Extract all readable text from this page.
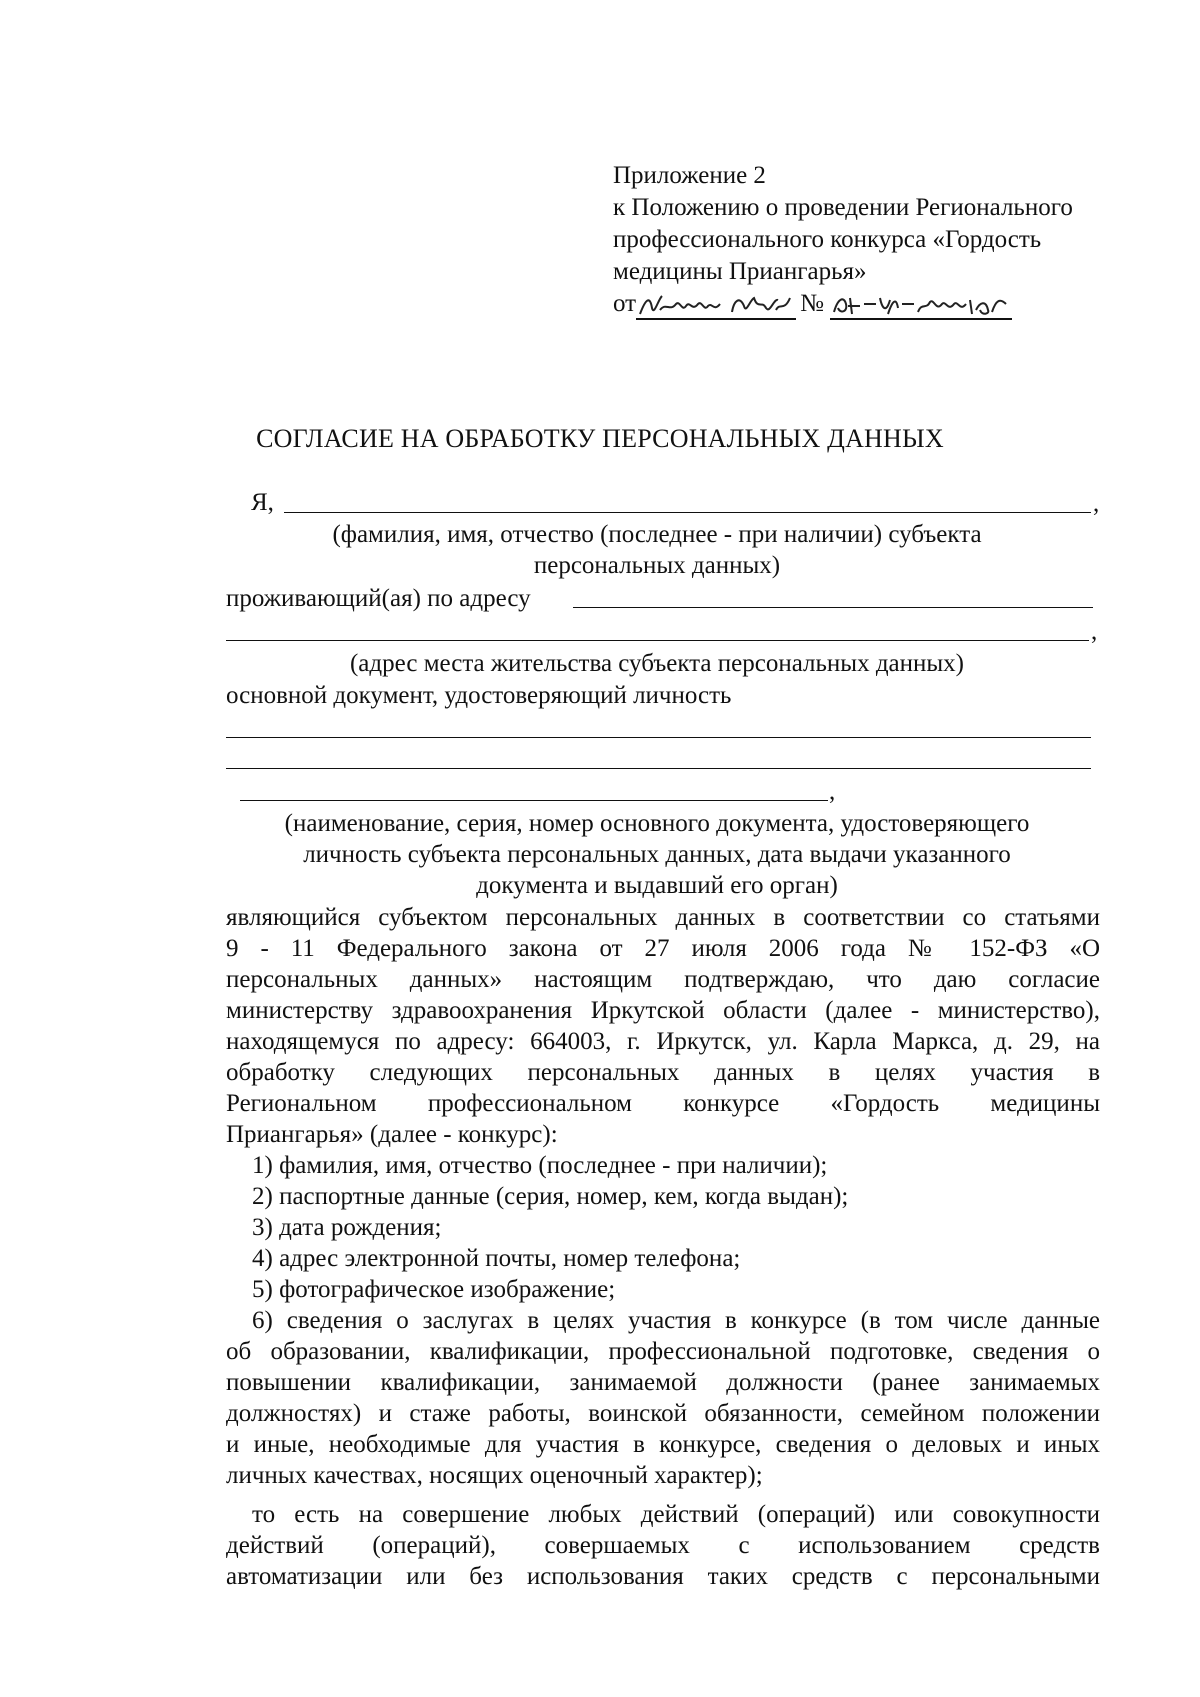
Приложение 2
к Положению о проведении Регионального
профессионального конкурса «Гордость
медицины Приангарья»
от	№
СОГЛАСИЕ НА ОБРАБОТКУ ПЕРСОНАЛЬНЫХ ДАННЫХ
Я,	,
(фамилия, имя, отчество (последнее - при наличии) субъекта
персональных данных)
проживающий(ая) по адресу
,
(адрес места жительства субъекта персональных данных)
основной документ, удостоверяющий личность
,
(наименование, серия, номер основного документа, удостоверяющего
личность субъекта персональных данных, дата выдачи указанного
документа и выдавший его орган)
являющийся субъектом персональных данных в соответствии со статьями
9 - 11 Федерального закона от 27 июля 2006 года № 152-ФЗ «О
персональных данных» настоящим подтверждаю, что даю согласие
министерству здравоохранения Иркутской области (далее - министерство),
находящемуся по адресу: 664003, г. Иркутск, ул. Карла Маркса, д. 29, на
обработку следующих персональных данных в целях участия в
Региональном профессиональном конкурсе «Гордость медицины
Приангарья» (далее - конкурс):
1) фамилия, имя, отчество (последнее - при наличии);
2) паспортные данные (серия, номер, кем, когда выдан);
3) дата рождения;
4) адрес электронной почты, номер телефона;
5) фотографическое изображение;
6) сведения о заслугах в целях участия в конкурсе (в том числе данные
об образовании, квалификации, профессиональной подготовке, сведения о
повышении квалификации, занимаемой должности (ранее занимаемых
должностях) и стаже работы, воинской обязанности, семейном положении
и иные, необходимые для участия в конкурсе, сведения о деловых и иных
личных качествах, носящих оценочный характер);
то есть на совершение любых действий (операций) или совокупности
действий (операций), совершаемых с использованием средств
автоматизации или без использования таких средств с персональными
